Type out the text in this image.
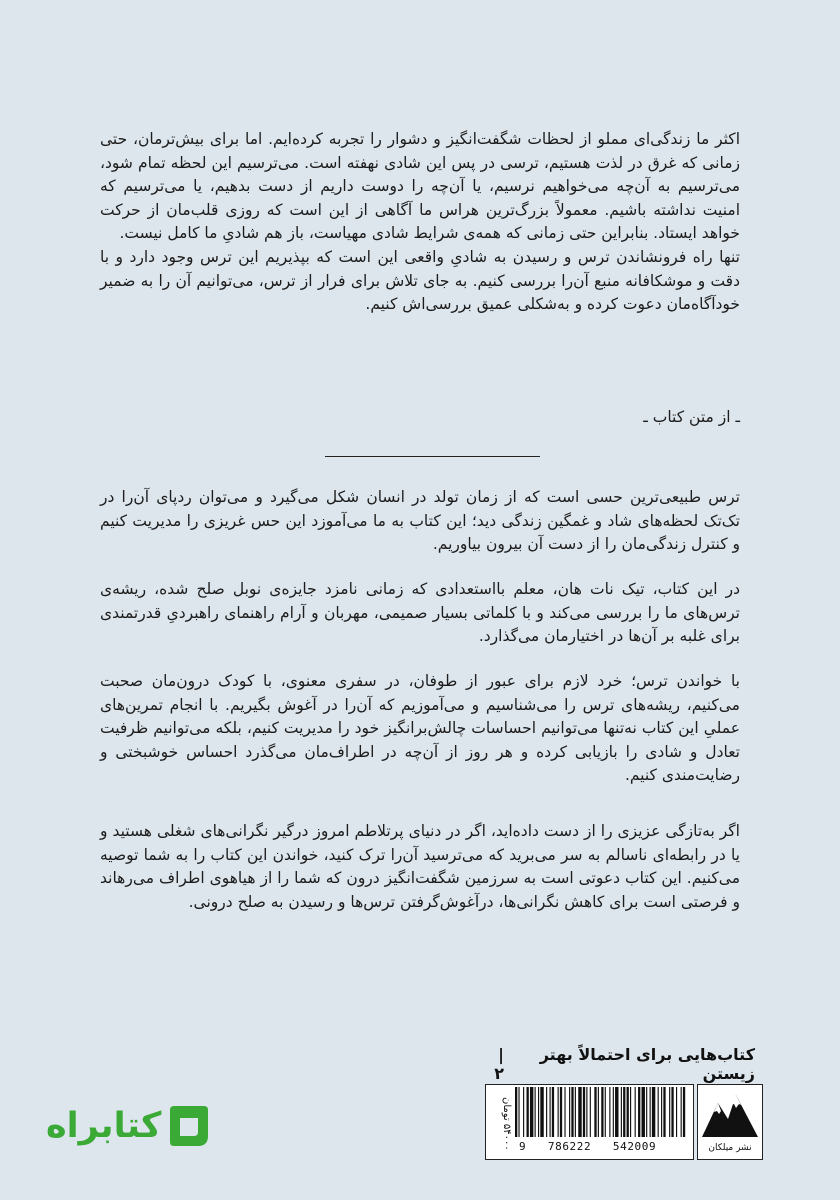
اکثر ما زندگی‌ای مملو از لحظات شگفت‌انگیز و دشوار را تجربه کرده‌ایم. اما برای بیش‌ترمان، حتی زمانی که غرق در لذت هستیم، ترسی در پس این شادی نهفته است. می‌ترسیم این لحظه تمام شود، می‌ترسیم به آن‌چه می‌خواهیم نرسیم، یا آن‌چه را دوست داریم از دست بدهیم، یا می‌ترسیم که امنیت نداشته باشیم. معمولاً بزرگ‌ترین هراس ما آگاهی از این است که روزی قلب‌مان از حرکت خواهد ایستاد. بنابراین حتی زمانی که همه‌ی شرایط شادی مهیاست، باز هم شادیِ ما کامل نیست.
تنها راه فرونشاندن ترس و رسیدن به شادیِ واقعی این است که بپذیریم این ترس وجود دارد و با دقت و موشکافانه منبع آن‌را بررسی کنیم. به جای تلاش برای فرار از ترس، می‌توانیم آن را به ضمیر خودآگاه‌مان دعوت کرده و به‌شکلی عمیق بررسی‌اش کنیم.

ـ از متن کتاب ـ

ترس طبیعی‌ترین حسی است که از زمان تولد در انسان شکل می‌گیرد و می‌توان ردپای آن‌را در تک‌تک لحظه‌های شاد و غمگین زندگی دید؛ این کتاب به ما می‌آموزد این حس غریزی را مدیریت کنیم و کنترل زندگی‌مان را از دست آن بیرون بیاوریم.

در این کتاب، تیک نات هان، معلم بااستعدادی که زمانی نامزد جایزه‌ی نوبل صلح شده، ریشه‌ی ترس‌های ما را بررسی می‌کند و با کلماتی بسیار صمیمی، مهربان و آرام راهنمای راهبردیِ قدرتمندی برای غلبه بر آن‌ها در اختیارمان می‌گذارد.

با خواندن ترس؛ خرد لازم برای عبور از طوفان، در سفری معنوی، با کودک درون‌مان صحبت می‌کنیم، ریشه‌های ترس را می‌شناسیم و می‌آموزیم که آن‌را در آغوش بگیریم. با انجام تمرین‌های عملیِ این کتاب نه‌تنها می‌توانیم احساسات چالش‌برانگیز خود را مدیریت کنیم، بلکه می‌توانیم ظرفیت تعادل و شادی را بازیابی کرده و هر روز از آن‌چه در اطراف‌مان می‌گذرد احساس خوشبختی و رضایت‌مندی کنیم.

اگر به‌تازگی عزیزی را از دست داده‌اید، اگر در دنیای پرتلاطم امروز درگیر نگرانی‌های شغلی هستید و یا در رابطه‌ای ناسالم به سر می‌برید که می‌ترسید آن‌را ترک کنید، خواندن این کتاب را به شما توصیه می‌کنیم. این کتاب دعوتی است به سرزمین شگفت‌انگیز درون که شما را از هیاهوی اطراف می‌رهاند و فرصتی است برای کاهش نگرانی‌ها، درآغوش‌گرفتن ترس‌ها و رسیدن به صلح درونی.

کتاب‌هایی برای احتمالاً بهتر زیستن
| ۲
۵۴۰۰۰ تومان 9   786222   542009	نشر میلکان
کتابراه
